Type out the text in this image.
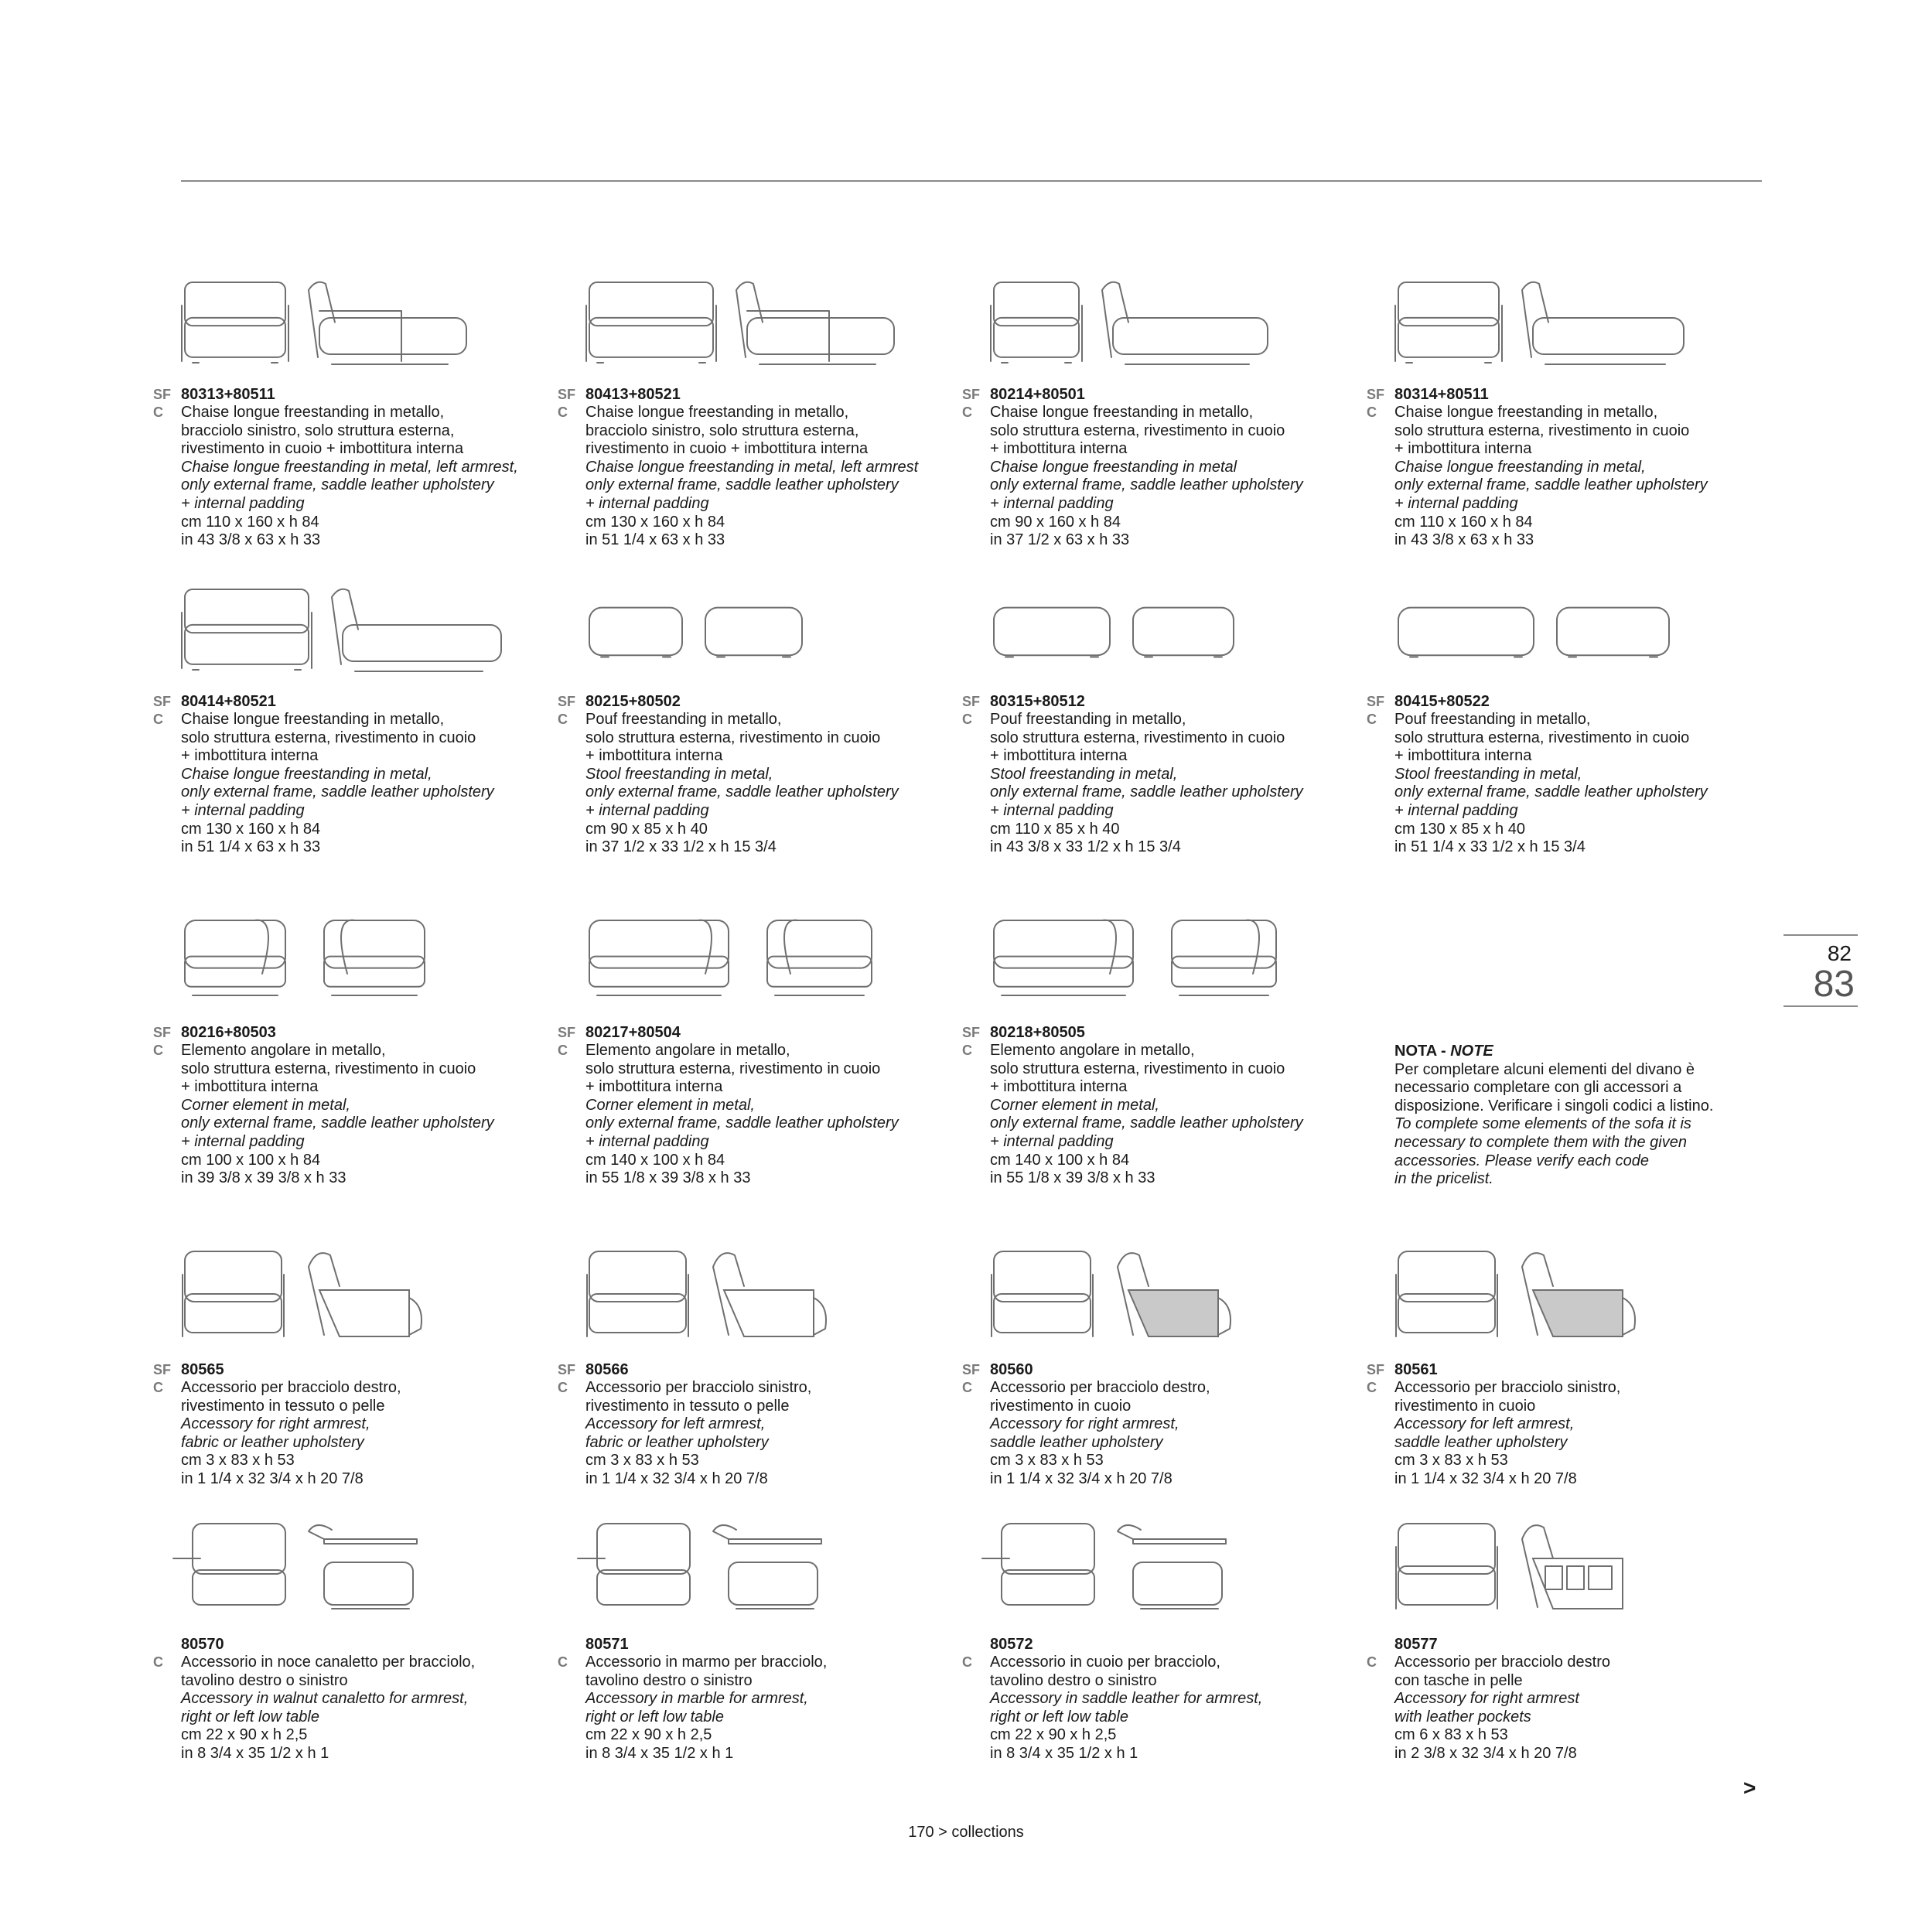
SF 80313+80511
C	Chaise longue freestanding in metallo,
bracciolo sinistro, solo struttura esterna,
rivestimento in cuoio + imbottitura interna
Chaise longue freestanding in metal, left armrest,
only external frame, saddle leather upholstery
+ internal padding
cm 110 x 160 x h 84
in 43 3/8 x 63 x h 33
SF 80413+80521
C	Chaise longue freestanding in metallo,
bracciolo sinistro, solo struttura esterna,
rivestimento in cuoio + imbottitura interna
Chaise longue freestanding in metal, left armrest
only external frame, saddle leather upholstery
+ internal padding
cm 130 x 160 x h 84
in 51 1/4 x 63 x h 33
SF 80214+80501
C	Chaise longue freestanding in metallo,
solo struttura esterna, rivestimento in cuoio
+ imbottitura interna
Chaise longue freestanding in metal
only external frame, saddle leather upholstery
+ internal padding
cm 90 x 160 x h 84
in 37 1/2 x 63 x h 33
SF 80314+80511
C	Chaise longue freestanding in metallo,
solo struttura esterna, rivestimento in cuoio
+ imbottitura interna
Chaise longue freestanding in metal,
only external frame, saddle leather upholstery
+ internal padding
cm 110 x 160 x h 84
in 43 3/8 x 63 x h 33
SF 80414+80521
C	Chaise longue freestanding in metallo,
solo struttura esterna, rivestimento in cuoio
+ imbottitura interna
Chaise longue freestanding in metal,
only external frame, saddle leather upholstery
+ internal padding
cm 130 x 160 x h 84
in 51 1/4 x 63 x h 33
SF 80215+80502
C	Pouf freestanding in metallo,
solo struttura esterna, rivestimento in cuoio
+ imbottitura interna
Stool freestanding in metal,
only external frame, saddle leather upholstery
+ internal padding
cm 90 x 85 x h 40
in 37 1/2 x 33 1/2 x h 15 3/4
SF 80315+80512
C	Pouf freestanding in metallo,
solo struttura esterna, rivestimento in cuoio
+ imbottitura interna
Stool freestanding in metal,
only external frame, saddle leather upholstery
+ internal padding
cm 110 x 85 x h 40
in 43 3/8 x 33 1/2 x h 15 3/4
SF 80415+80522
C	Pouf freestanding in metallo,
solo struttura esterna, rivestimento in cuoio
+ imbottitura interna
Stool freestanding in metal,
only external frame, saddle leather upholstery
+ internal padding
cm 130 x 85 x h 40
in 51 1/4 x 33 1/2 x h 15 3/4
SF 80216+80503
C	Elemento angolare in metallo,
solo struttura esterna, rivestimento in cuoio
+ imbottitura interna
Corner element in metal,
only external frame, saddle leather upholstery
+ internal padding
cm 100 x 100 x h 84
in 39 3/8 x 39 3/8 x h 33
SF 80217+80504
C	Elemento angolare in metallo,
solo struttura esterna, rivestimento in cuoio
+ imbottitura interna
Corner element in metal,
only external frame, saddle leather upholstery
+ internal padding
cm 140 x 100 x h 84
in 55 1/8 x 39 3/8 x h 33
SF 80218+80505
C	Elemento angolare in metallo,
solo struttura esterna, rivestimento in cuoio
+ imbottitura interna
Corner element in metal,
only external frame, saddle leather upholstery
+ internal padding
cm 140 x 100 x h 84
in 55 1/8 x 39 3/8 x h 33
SF 80565
C	Accessorio per bracciolo destro,
rivestimento in tessuto o pelle
Accessory for right armrest,
fabric or leather upholstery
cm 3 x 83 x h 53
in 1 1/4 x 32 3/4 x h 20 7/8
SF 80566
C	Accessorio per bracciolo sinistro,
rivestimento in tessuto o pelle
Accessory for left armrest,
fabric or leather upholstery
cm 3 x 83 x h 53
in 1 1/4 x 32 3/4 x h 20 7/8
SF 80560
C	Accessorio per bracciolo destro,
rivestimento in cuoio
Accessory for right armrest,
saddle leather upholstery
cm 3 x 83 x h 53
in 1 1/4 x 32 3/4 x h 20 7/8
SF 80561
C	Accessorio per bracciolo sinistro,
rivestimento in cuoio
Accessory for left armrest,
saddle leather upholstery
cm 3 x 83 x h 53
in 1 1/4 x 32 3/4 x h 20 7/8
80570
C	Accessorio in noce canaletto per bracciolo,
tavolino destro o sinistro
Accessory in walnut canaletto for armrest,
right or left low table
cm 22 x 90 x h 2,5
in 8 3/4 x 35 1/2 x h 1
80571
C	Accessorio in marmo per bracciolo,
tavolino destro o sinistro
Accessory in marble for armrest,
right or left low table
cm 22 x 90 x h 2,5
in 8 3/4 x 35 1/2 x h 1
80572
C	Accessorio in cuoio per bracciolo,
tavolino destro o sinistro
Accessory in saddle leather for armrest,
right or left low table
cm 22 x 90 x h 2,5
in 8 3/4 x 35 1/2 x h 1
80577
C	Accessorio per bracciolo destro
con tasche in pelle
Accessory for right armrest
with leather pockets
cm 6 x 83 x h 53
in 2 3/8 x 32 3/4 x h 20 7/8
NOTA - NOTE
Per completare alcuni elementi del divano è
necessario completare con gli accessori a
disposizione. Verificare i singoli codici a listino.
To complete some elements of the sofa it is
necessary to complete them with the given
accessories. Please verify each code
in the pricelist.
82
83
>
170 > collections
